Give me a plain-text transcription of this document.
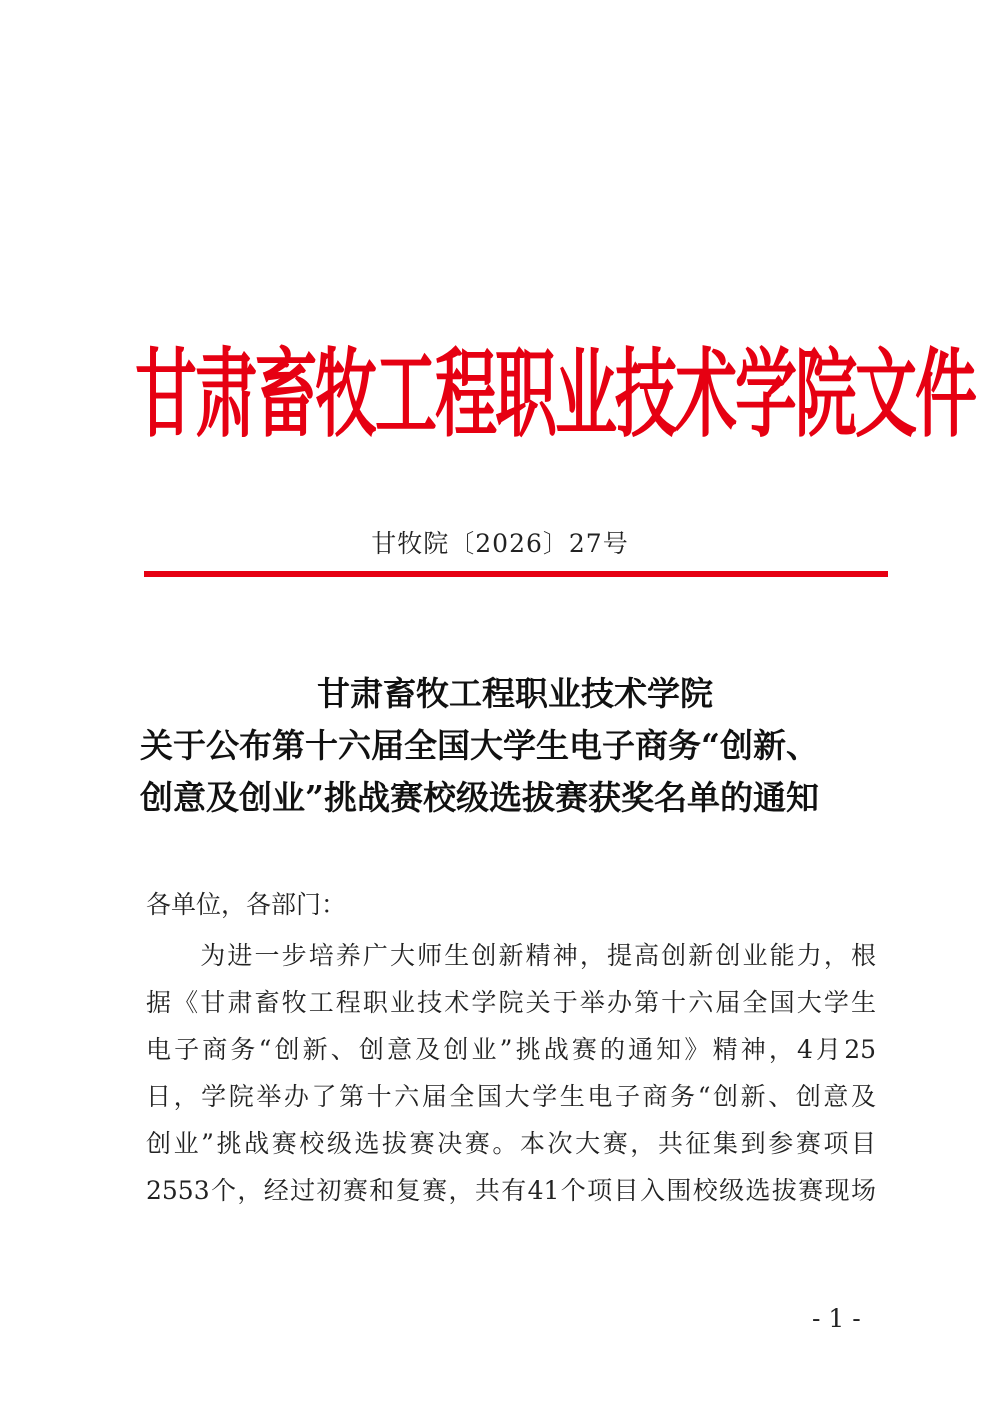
甘肃畜牧工程职业技术学院文件
甘牧院〔2026〕27号
甘肃畜牧工程职业技术学院
关于公布第十六届全国大学生电子商务“创新、
创意及创业”挑战赛校级选拔赛获奖名单的通知
各单位，各部门：
　　为进一步培养广大师生创新精神，提高创新创业能力，根
据《甘肃畜牧工程职业技术学院关于举办第十六届全国大学生
电子商务“创新、创意及创业”挑战赛的通知》精神，4月25
日，学院举办了第十六届全国大学生电子商务“创新、创意及
创业”挑战赛校级选拔赛决赛。本次大赛，共征集到参赛项目
2553个，经过初赛和复赛，共有41个项目入围校级选拔赛现场
- 1 -
